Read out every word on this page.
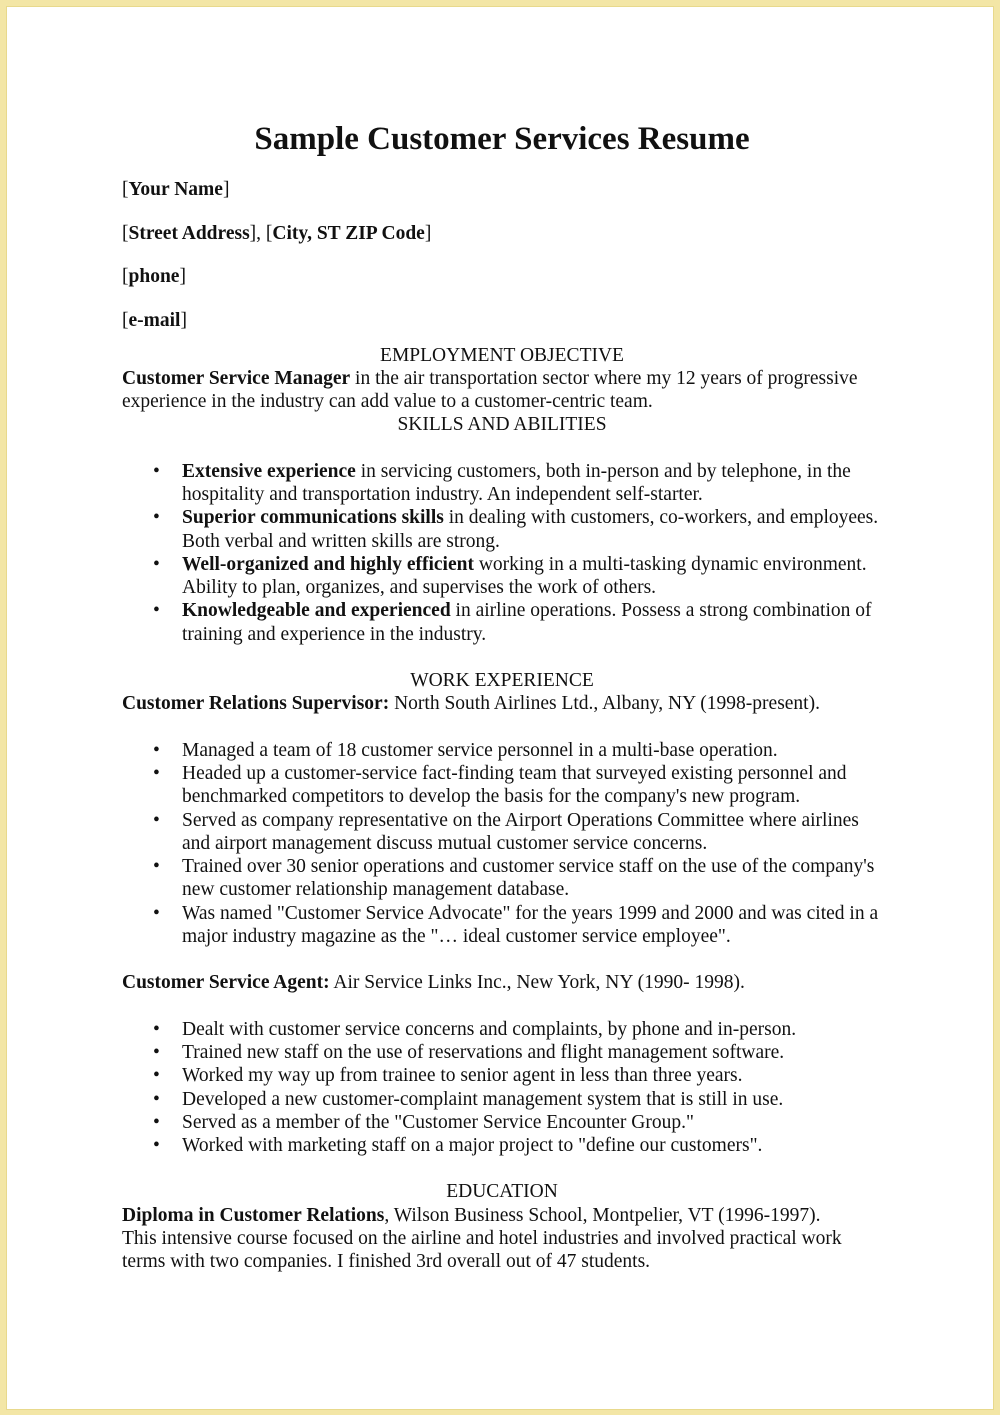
Sample Customer Services Resume
[Your Name]
[Street Address], [City, ST ZIP Code]
[phone]
[e-mail]
EMPLOYMENT OBJECTIVE

Customer Service Manager in the air transportation sector where my 12 years of progressive experience in the industry can add value to a customer-centric team.

SKILLS AND ABILITIES
• Extensive experience in servicing customers, both in-person and by telephone, in the hospitality and transportation industry. An independent self-starter.
• Superior communications skills in dealing with customers, co-workers, and employees. Both verbal and written skills are strong.
• Well-organized and highly efficient working in a multi-tasking dynamic environment. Ability to plan, organizes, and supervises the work of others.
• Knowledgeable and experienced in airline operations. Possess a strong combination of training and experience in the industry.
WORK EXPERIENCE

Customer Relations Supervisor: North South Airlines Ltd., Albany, NY (1998-present).

• Managed a team of 18 customer service personnel in a multi-base operation.
• Headed up a customer-service fact-finding team that surveyed existing personnel and benchmarked competitors to develop the basis for the company's new program.
• Served as company representative on the Airport Operations Committee where airlines and airport management discuss mutual customer service concerns.
• Trained over 30 senior operations and customer service staff on the use of the company's new customer relationship management database.
• Was named "Customer Service Advocate" for the years 1999 and 2000 and was cited in a major industry magazine as the "… ideal customer service employee".

Customer Service Agent: Air Service Links Inc., New York, NY (1990- 1998).

• Dealt with customer service concerns and complaints, by phone and in-person.
• Trained new staff on the use of reservations and flight management software.
• Worked my way up from trainee to senior agent in less than three years.
• Developed a new customer-complaint management system that is still in use.
• Served as a member of the "Customer Service Encounter Group."
• Worked with marketing staff on a major project to "define our customers".
EDUCATION

Diploma in Customer Relations, Wilson Business School, Montpelier, VT (1996-1997).

This intensive course focused on the airline and hotel industries and involved practical work terms with two companies. I finished 3rd overall out of 47 students.
